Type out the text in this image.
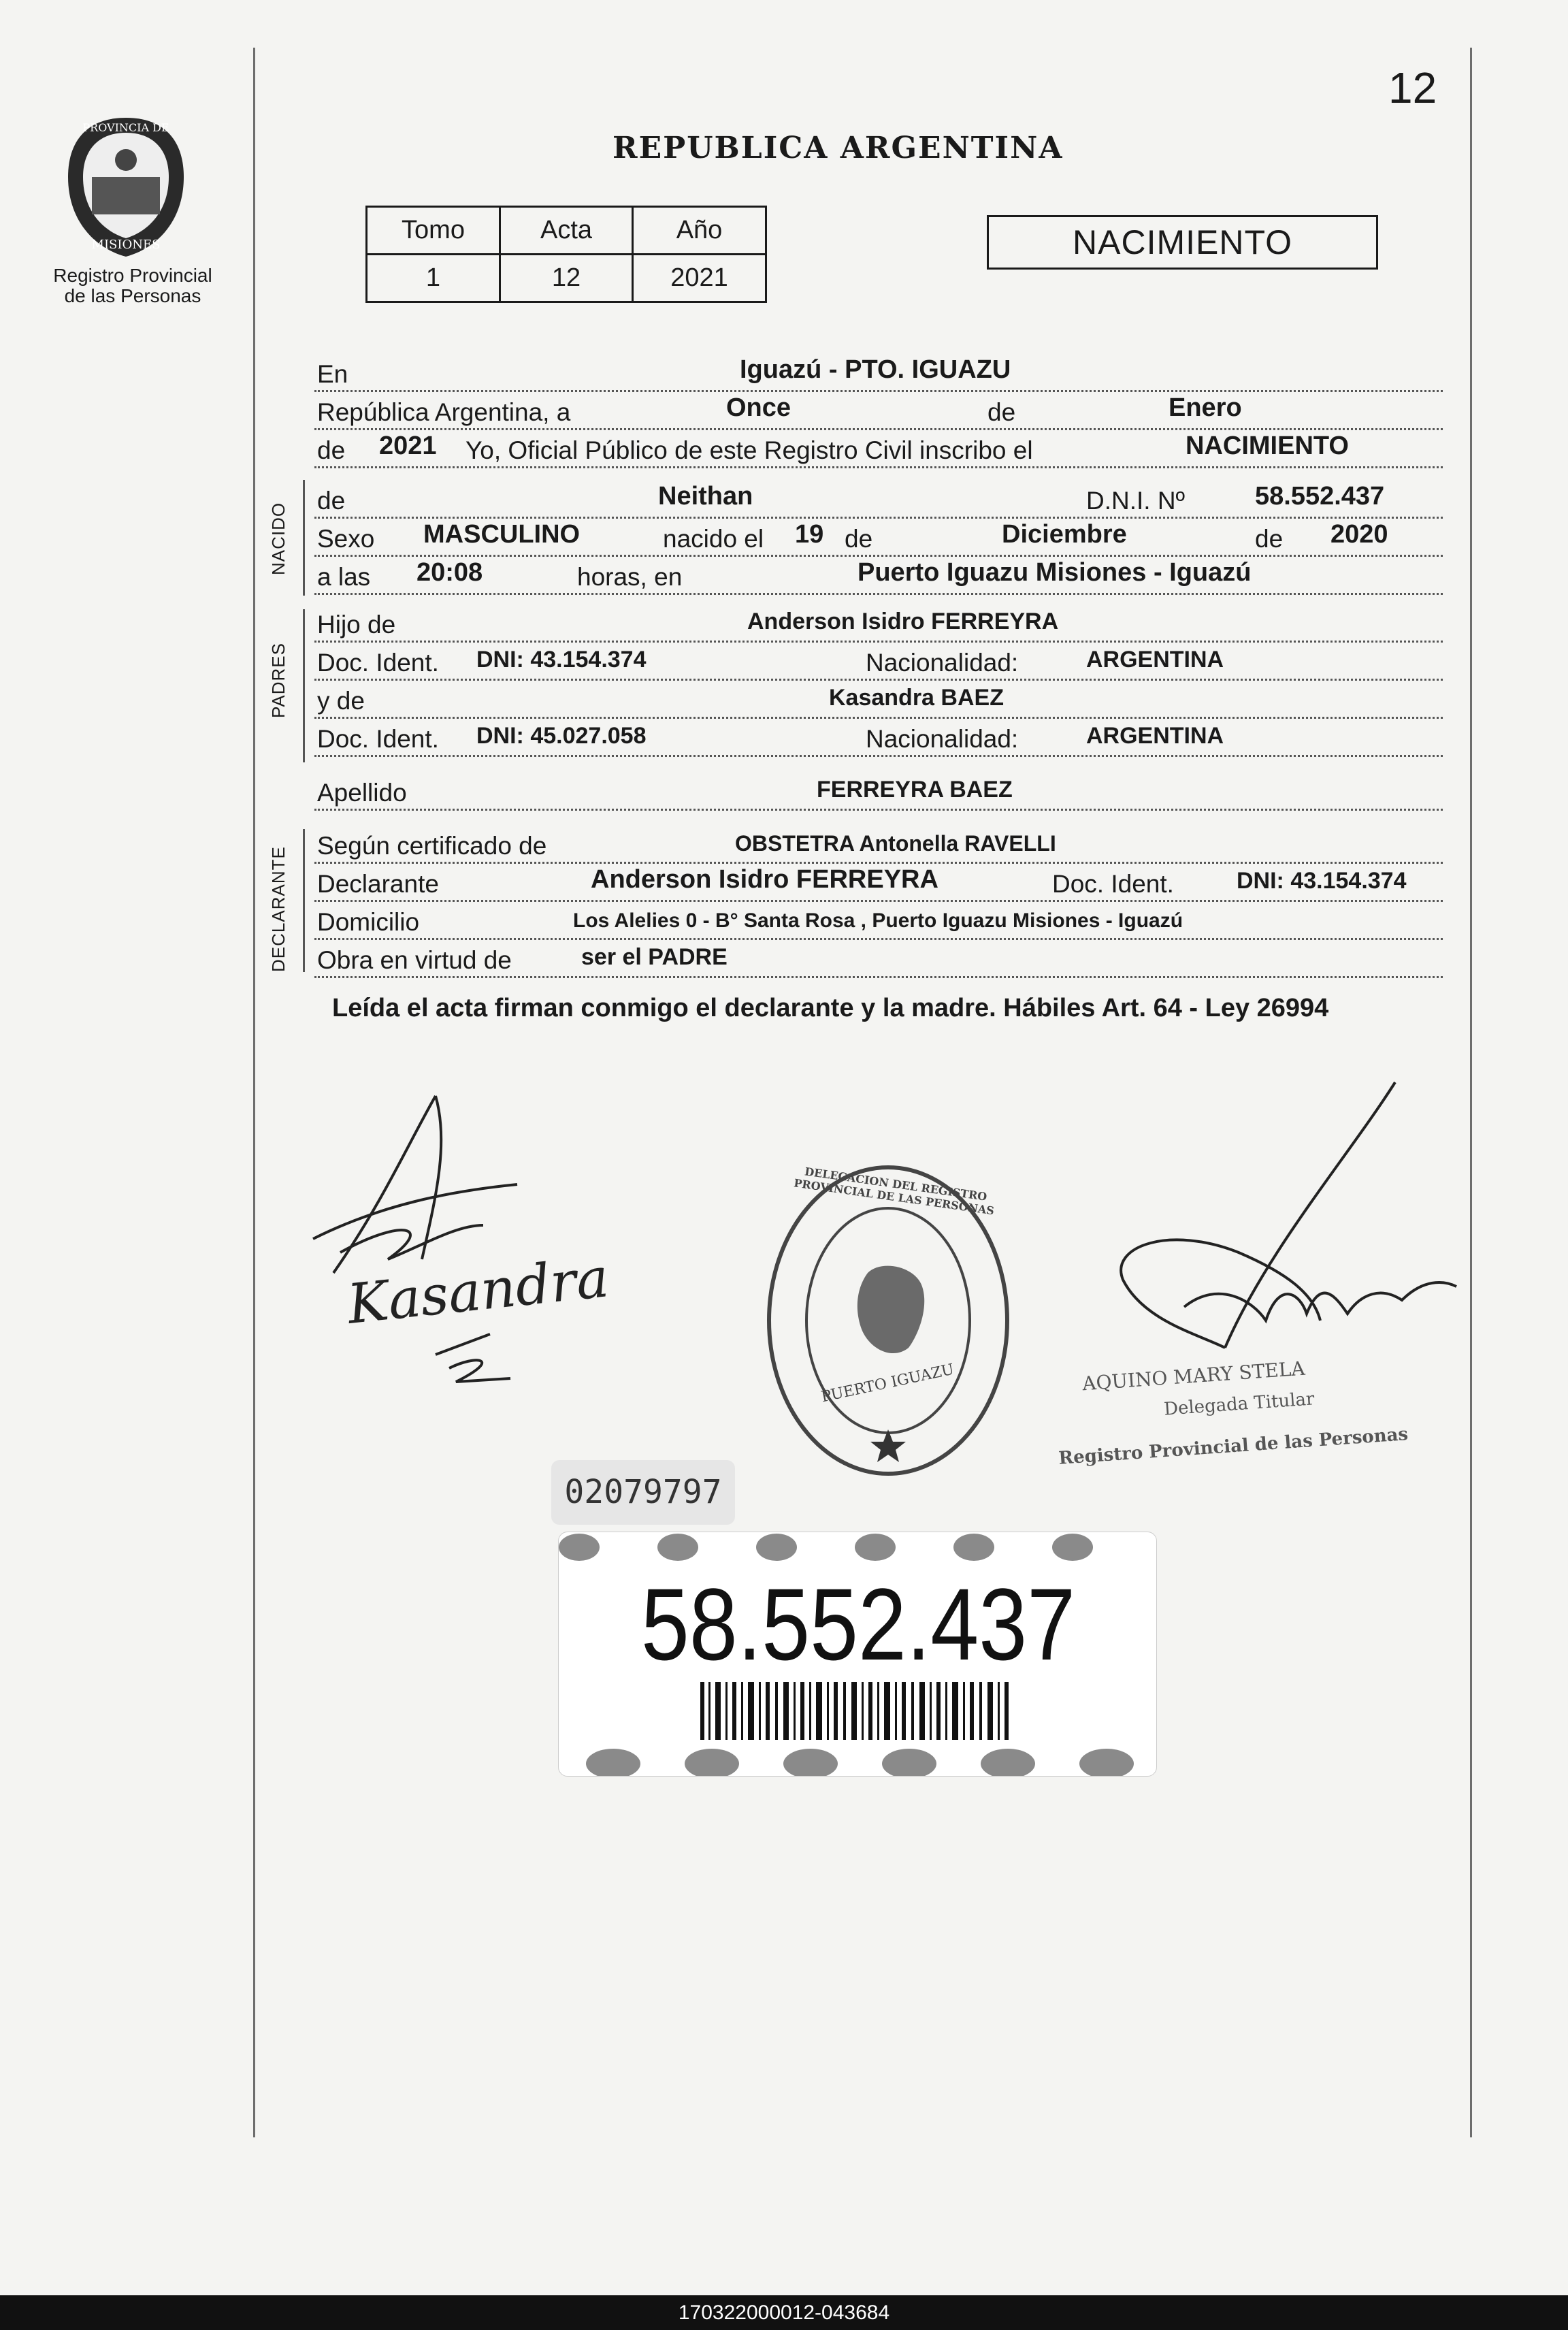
12
PROVINCIA DE
MISIONES
Registro Provincial
de las Personas
REPUBLICA ARGENTINA
Tomo	Acta	Año
1	12	2021
NACIMIENTO
En	Iguazú - PTO. IGUAZU
República Argentina, a	Once	de	Enero
de 2021 Yo, Oficial Público de este Registro Civil inscribo el	NACIMIENTO
NACIDO
de	Neithan	D.N.I. Nº	58.552.437
Sexo MASCULINO	nacido el 19 de	Diciembre	de 2020
a las 20:08	horas, en	Puerto Iguazu Misiones - Iguazú
PADRES
Hijo de	Anderson Isidro FERREYRA
Doc. Ident. DNI: 43.154.374	Nacionalidad:	ARGENTINA
y de	Kasandra BAEZ
Doc. Ident. DNI: 45.027.058	Nacionalidad:	ARGENTINA
Apellido	FERREYRA BAEZ
DECLARANTE
Según certificado de	OBSTETRA Antonella RAVELLI
Declarante	Anderson Isidro FERREYRA	Doc. Ident.	DNI: 43.154.374
Domicilio	Los Alelies 0 - B° Santa Rosa , Puerto Iguazu Misiones - Iguazú
Obra en virtud de	ser el PADRE
Leída el acta firman conmigo el declarante y la madre. Hábiles Art. 64 - Ley 26994
Kasandra
PUERTO IGUAZU
DELEGACION DEL REGISTRO PROVINCIAL DE LAS PERSONAS
AQUINO MARY STELA
Delegada Titular
Registro Provincial de las Personas
02079797
58.552.437
170322000012-043684
